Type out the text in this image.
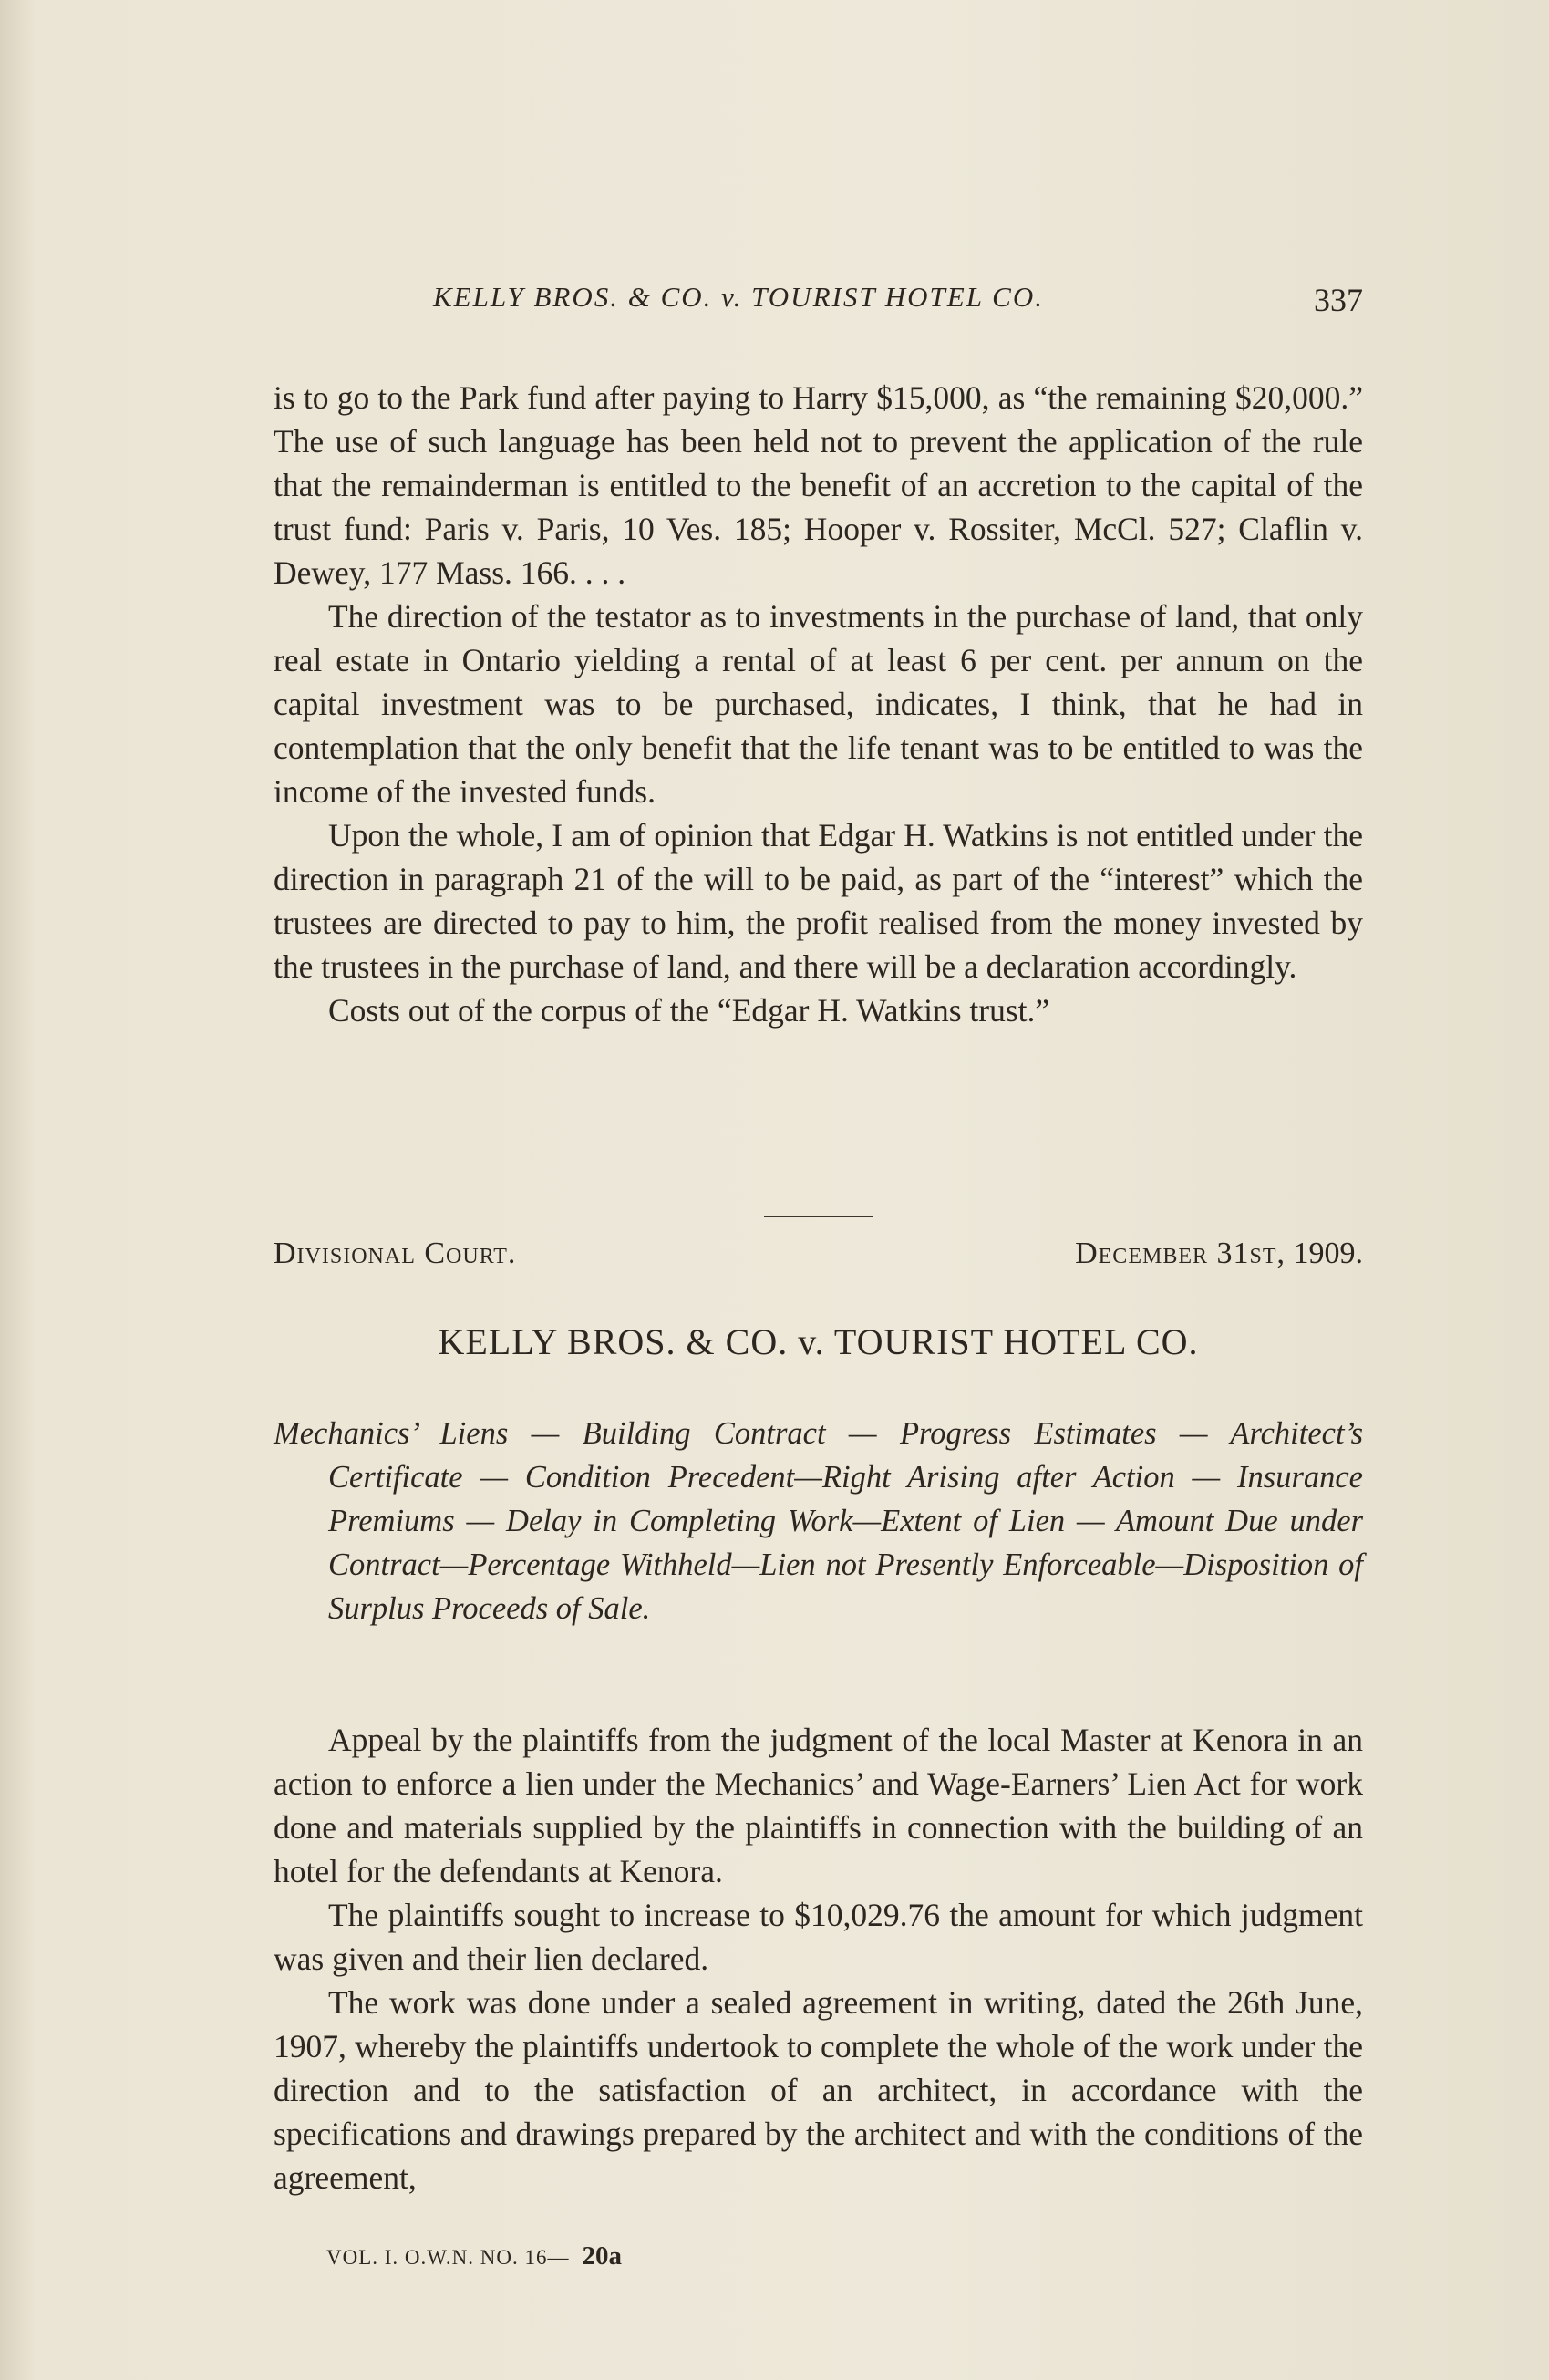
KELLY BROS. & CO. v. TOURIST HOTEL CO.	337

is to go to the Park fund after paying to Harry $15,000, as “the remaining $20,000.” The use of such language has been held not to prevent the application of the rule that the remainderman is entitled to the benefit of an accretion to the capital of the trust fund: Paris v. Paris, 10 Ves. 185; Hooper v. Rossiter, McCl. 527; Claflin v. Dewey, 177 Mass. 166. . . .

The direction of the testator as to investments in the purchase of land, that only real estate in Ontario yielding a rental of at least 6 per cent. per annum on the capital investment was to be purchased, indicates, I think, that he had in contemplation that the only benefit that the life tenant was to be entitled to was the income of the invested funds.

Upon the whole, I am of opinion that Edgar H. Watkins is not entitled under the direction in paragraph 21 of the will to be paid, as part of the “interest” which the trustees are directed to pay to him, the profit realised from the money invested by the trustees in the purchase of land, and there will be a declaration accordingly.

Costs out of the corpus of the “Edgar H. Watkins trust.”

Divisional Court.	December 31st, 1909.
KELLY BROS. & CO. v. TOURIST HOTEL CO.
Mechanics’ Liens — Building Contract — Progress Estimates — Architect’s Certificate — Condition Precedent—Right Arising after Action — Insurance Premiums — Delay in Completing Work—Extent of Lien — Amount Due under Contract—Percentage Withheld—Lien not Presently Enforceable—Disposition of Surplus Proceeds of Sale.

Appeal by the plaintiffs from the judgment of the local Master at Kenora in an action to enforce a lien under the Mechanics’ and Wage-Earners’ Lien Act for work done and materials supplied by the plaintiffs in connection with the building of an hotel for the defendants at Kenora.

The plaintiffs sought to increase to $10,029.76 the amount for which judgment was given and their lien declared.

The work was done under a sealed agreement in writing, dated the 26th June, 1907, whereby the plaintiffs undertook to complete the whole of the work under the direction and to the satisfaction of an architect, in accordance with the specifications and drawings prepared by the architect and with the conditions of the agreement,

VOL. I. O.W.N. NO. 16— 20a
